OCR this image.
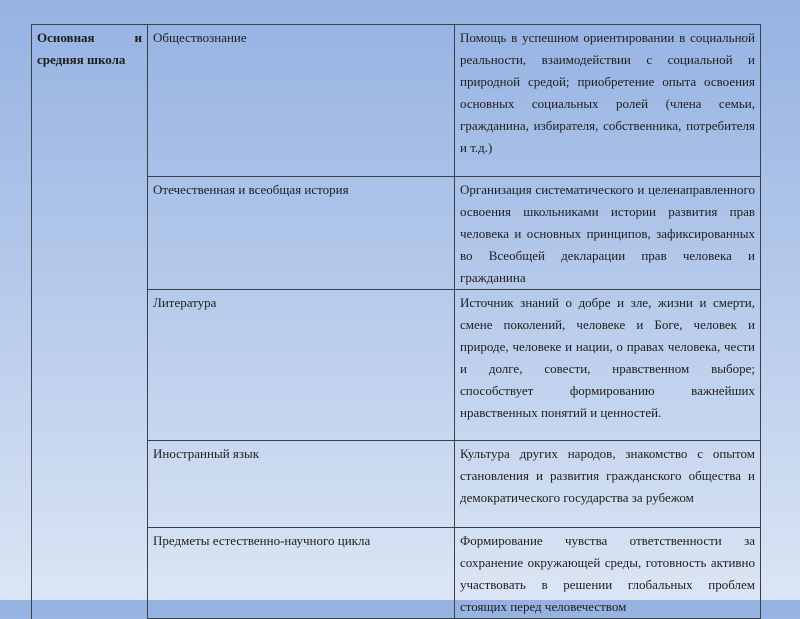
Основная и средняя школа	Обществознание	Помощь в успешном ориентировании в социальной реальности, взаимодействии с социальной и природной средой; приобретение опыта освоения основных социальных ролей (члена семьи, гражданина, избирателя, собственника, потребителя и т.д.)
	Отечественная и всеобщая история	Организация систематического и целенаправленного освоения школьниками истории развития прав человека и основных принципов, зафиксированных во Всеобщей декларации прав человека и гражданина
	Литература	Источник знаний о добре и зле, жизни и смерти, смене поколений, человеке и Боге, человек и природе, человеке и нации, о правах человека, чести и долге, совести, нравственном выборе; способствует формированию важнейших нравственных понятий и ценностей.
	Иностранный язык	Культура других народов, знакомство с опытом становления и развития гражданского общества и демократического государства за рубежом
	Предметы естественно-научного цикла	Формирование чувства ответственности за сохранение окружающей среды, готовность активно участвовать в решении глобальных проблем стоящих перед человечеством
